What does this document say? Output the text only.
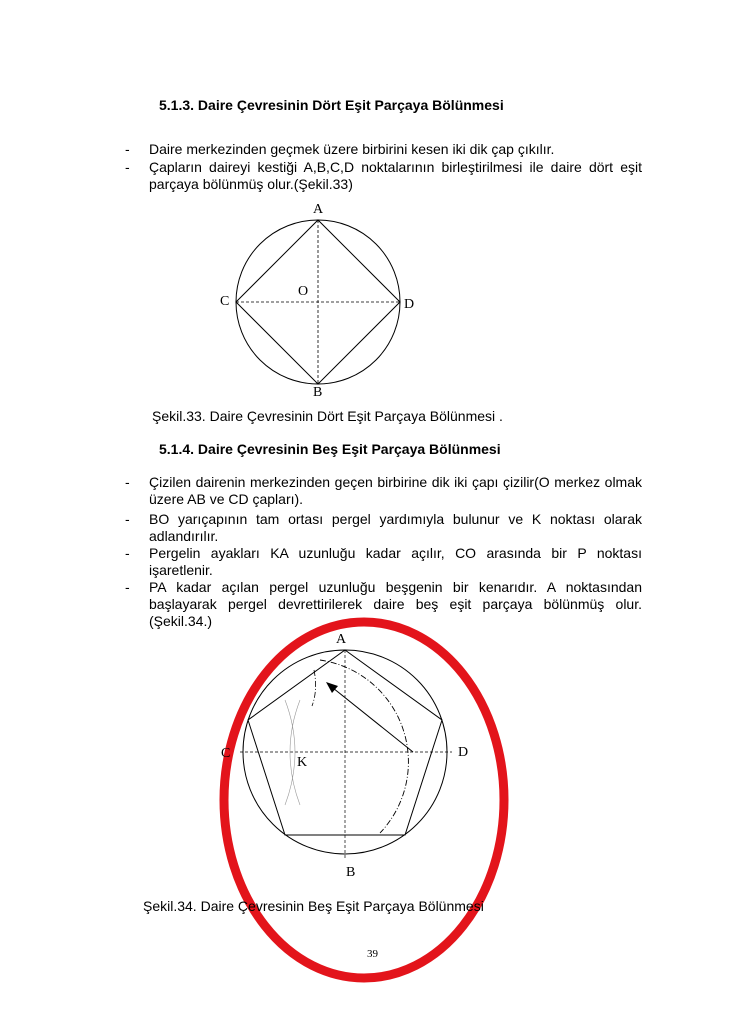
5.1.3. Daire Çevresinin Dört Eşit Parçaya Bölünmesi
- Daire merkezinden geçmek üzere birbirini kesen iki dik çap çıkılır.
- Çapların daireyi kestiği A,B,C,D noktalarının birleştirilmesi ile daire dört eşit parçaya bölünmüş olur.(Şekil.33)
A
B
C	D
O
Şekil.33. Daire Çevresinin Dört Eşit Parçaya Bölünmesi .
5.1.4. Daire Çevresinin Beş Eşit Parçaya Bölünmesi
- Çizilen dairenin merkezinden geçen birbirine dik iki çapı çizilir(O merkez olmak üzere AB ve CD çapları).
- BO yarıçapının tam ortası pergel yardımıyla bulunur ve K noktası olarak adlandırılır.
- Pergelin ayakları KA uzunluğu kadar açılır, CO arasında bir P noktası işaretlenir.
- PA kadar açılan pergel uzunluğu beşgenin bir kenarıdır. A noktasından başlayarak pergel devrettirilerek daire beş eşit parçaya bölünmüş olur.(Şekil.34.)
A
B
C	D
K
Şekil.34. Daire Çevresinin Beş Eşit Parçaya Bölünmesi
39
